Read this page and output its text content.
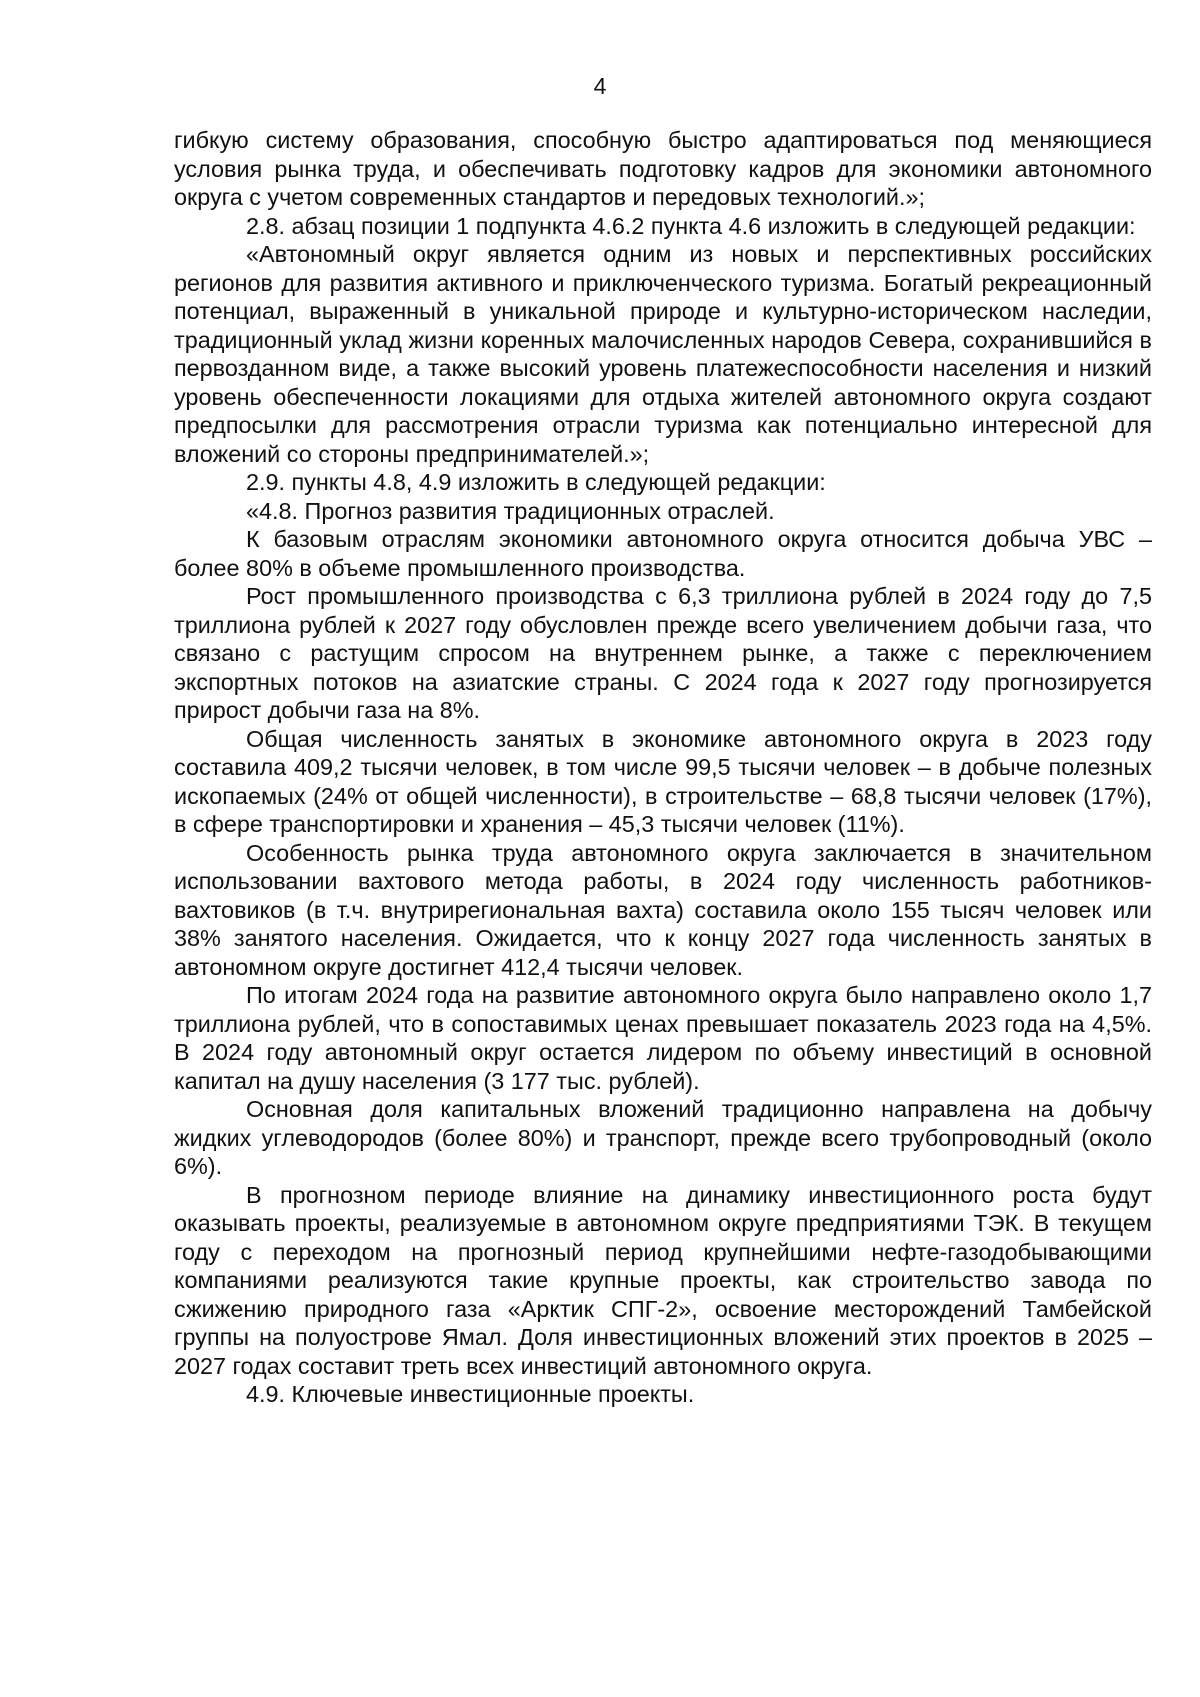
4

гибкую систему образования, способную быстро адаптироваться под меняющиеся условия рынка труда, и обеспечивать подготовку кадров для экономики автономного округа с учетом современных стандартов и передовых технологий.»;

2.8. абзац позиции 1 подпункта 4.6.2 пункта 4.6 изложить в следующей редакции:

«Автономный округ является одним из новых и перспективных российских регионов для развития активного и приключенческого туризма. Богатый рекреационный потенциал, выраженный в уникальной природе и культурно-историческом наследии, традиционный уклад жизни коренных малочисленных народов Севера, сохранившийся в первозданном виде, а также высокий уровень платежеспособности населения и низкий уровень обеспеченности локациями для отдыха жителей автономного округа создают предпосылки для рассмотрения отрасли туризма как потенциально интересной для вложений со стороны предпринимателей.»;

2.9. пункты 4.8, 4.9 изложить в следующей редакции:

«4.8. Прогноз развития традиционных отраслей.

К базовым отраслям экономики автономного округа относится добыча УВС – более 80% в объеме промышленного производства.

Рост промышленного производства с 6,3 триллиона рублей в 2024 году до 7,5 триллиона рублей к 2027 году обусловлен прежде всего увеличением добычи газа, что связано с растущим спросом на внутреннем рынке, а также с переключением экспортных потоков на азиатские страны. С 2024 года к 2027 году прогнозируется прирост добычи газа на 8%.

Общая численность занятых в экономике автономного округа в 2023 году составила 409,2 тысячи человек, в том числе 99,5 тысячи человек – в добыче полезных ископаемых (24% от общей численности), в строительстве – 68,8 тысячи человек (17%), в сфере транспортировки и хранения – 45,3 тысячи человек (11%).

Особенность рынка труда автономного округа заключается в значительном использовании вахтового метода работы, в 2024 году численность работников-вахтовиков (в т.ч. внутрирегиональная вахта) составила около 155 тысяч человек или 38% занятого населения. Ожидается, что к концу 2027 года численность занятых в автономном округе достигнет 412,4 тысячи человек.

По итогам 2024 года на развитие автономного округа было направлено около 1,7 триллиона рублей, что в сопоставимых ценах превышает показатель 2023 года на 4,5%. В 2024 году автономный округ остается лидером по объему инвестиций в основной капитал на душу населения (3 177 тыс. рублей).

Основная доля капитальных вложений традиционно направлена на добычу жидких углеводородов (более 80%) и транспорт, прежде всего трубопроводный (около 6%).

В прогнозном периоде влияние на динамику инвестиционного роста будут оказывать проекты, реализуемые в автономном округе предприятиями ТЭК. В текущем году с переходом на прогнозный период крупнейшими нефте-газодобывающими компаниями реализуются такие крупные проекты, как строительство завода по сжижению природного газа «Арктик СПГ-2», освоение месторождений Тамбейской группы на полуострове Ямал. Доля инвестиционных вложений этих проектов в 2025 – 2027 годах составит треть всех инвестиций автономного округа.

4.9. Ключевые инвестиционные проекты.
